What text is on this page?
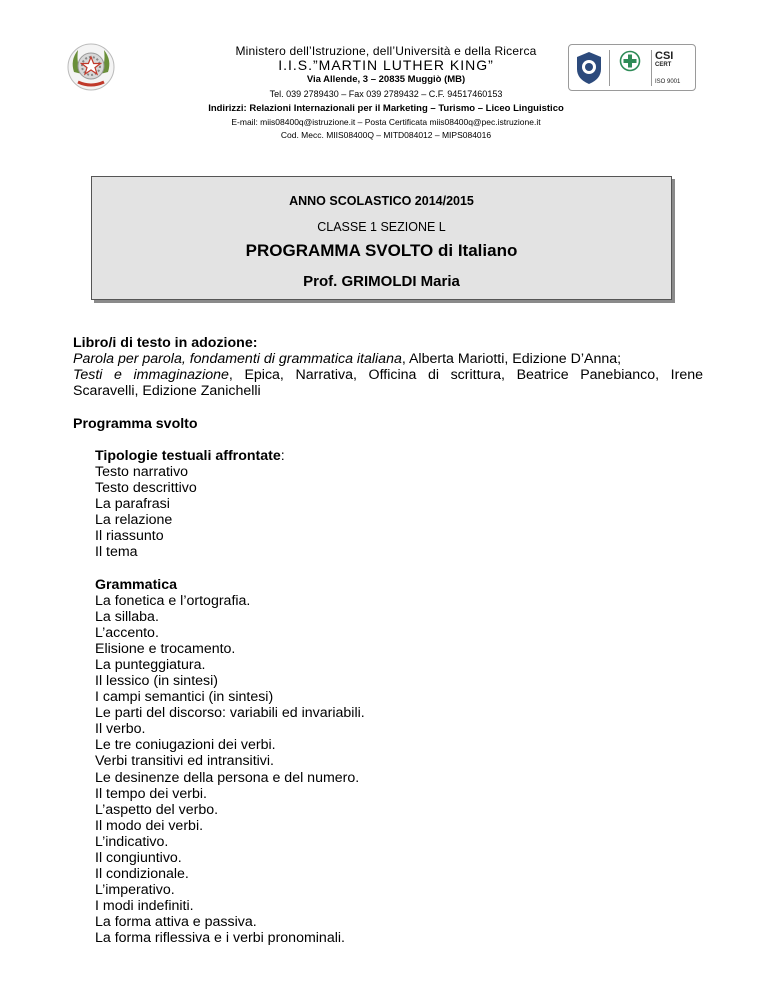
Ministero dell’Istruzione, dell’Università e della Ricerca
I.I.S.”MARTIN LUTHER KING”
Via Allende, 3 – 20835 Muggiò (MB)
Tel. 039 2789430 – Fax 039 2789432 – C.F. 94517460153
Indirizzi: Relazioni Internazionali per il Marketing – Turismo – Liceo Linguistico
E-mail: miis08400q@istruzione.it – Posta Certificata miis08400q@pec.istruzione.it
Cod. Mecc. MIIS08400Q – MITD084012 – MIPS084016
CSI
CERT
ISO 9001
ANNO SCOLASTICO 2014/2015
CLASSE 1 SEZIONE L
PROGRAMMA SVOLTO di Italiano
Prof. GRIMOLDI Maria
Libro/i di testo in adozione:
Parola per parola, fondamenti di grammatica italiana, Alberta Mariotti, Edizione D’Anna;
Testi e immaginazione, Epica, Narrativa, Officina di scrittura, Beatrice Panebianco, Irene
Scaravelli, Edizione Zanichelli
Programma svolto
Tipologie testuali affrontate:
Testo narrativo
Testo descrittivo
La parafrasi
La relazione
Il riassunto
Il tema
Grammatica
La fonetica e l’ortografia.
La sillaba.
L’accento.
Elisione e trocamento.
La punteggiatura.
Il lessico (in sintesi)
I campi semantici (in sintesi)
Le parti del discorso: variabili ed invariabili.
Il verbo.
Le tre coniugazioni dei verbi.
Verbi transitivi ed intransitivi.
Le desinenze della persona e del numero.
Il tempo dei verbi.
L’aspetto del verbo.
Il modo dei verbi.
L’indicativo.
Il congiuntivo.
Il condizionale.
L’imperativo.
I modi indefiniti.
La forma attiva e passiva.
La forma riflessiva e i verbi pronominali.
